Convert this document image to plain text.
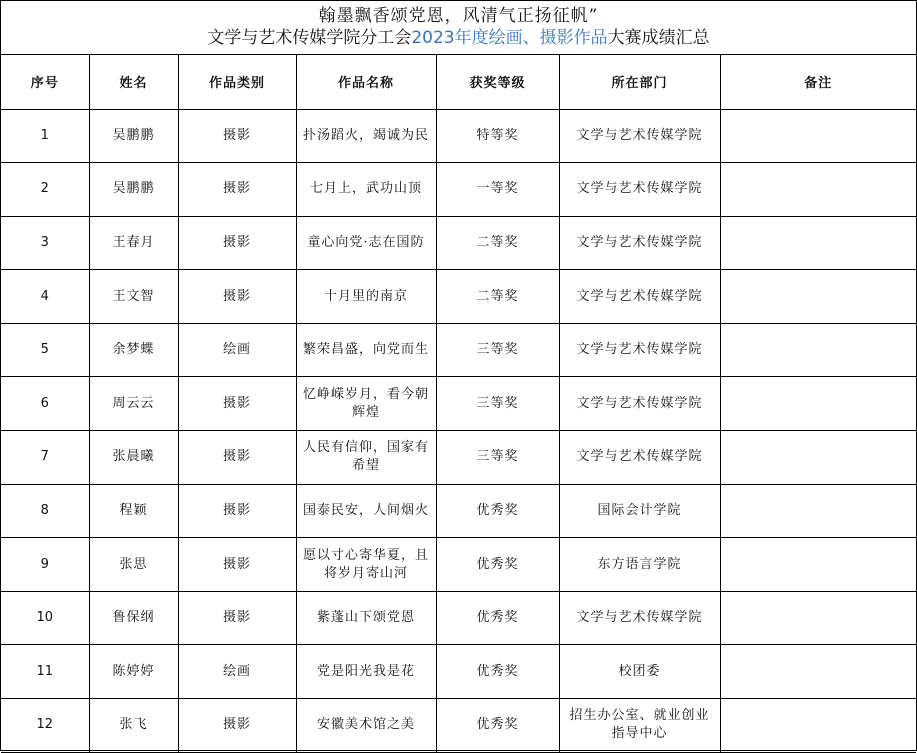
翰墨飘香颂党恩，风清气正扬征帆”
文学与艺术传媒学院分工会2023年度绘画、摄影作品大赛成绩汇总
序号	姓名	作品类别	作品名称	获奖等级	所在部门	备注
1	吴鹏鹏	摄影	扑汤蹈火，竭诚为民	特等奖	文学与艺术传媒学院	
2	吴鹏鹏	摄影	七月上，武功山顶	一等奖	文学与艺术传媒学院	
3	王春月	摄影	童心向党·志在国防	二等奖	文学与艺术传媒学院	
4	王文智	摄影	十月里的南京	二等奖	文学与艺术传媒学院	
5	余梦蝶	绘画	繁荣昌盛，向党而生	三等奖	文学与艺术传媒学院	
6	周云云	摄影	忆峥嵘岁月，看今朝辉煌	三等奖	文学与艺术传媒学院	
7	张晨曦	摄影	人民有信仰，国家有希望	三等奖	文学与艺术传媒学院	
8	程颖	摄影	国泰民安，人间烟火	优秀奖	国际会计学院	
9	张思	摄影	愿以寸心寄华夏，且将岁月寄山河	优秀奖	东方语言学院	
10	鲁保纲	摄影	紫蓬山下颂党恩	优秀奖	文学与艺术传媒学院	
11	陈婷婷	绘画	党是阳光我是花	优秀奖	校团委	
12	张飞	摄影	安徽美术馆之美	优秀奖	招生办公室、就业创业指导中心	
